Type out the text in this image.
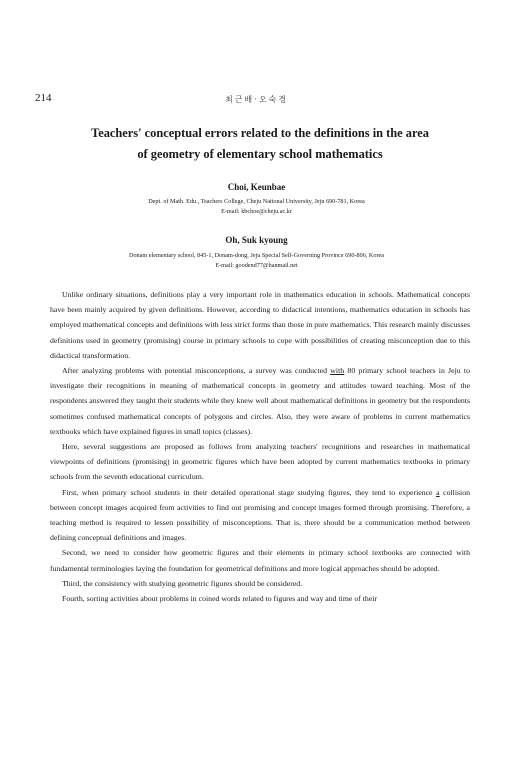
214	최근배·오숙경
Teachers' conceptual errors related to the definitions in the area
of geometry of elementary school mathematics
Choi, Keunbae
Dept. of Math. Edu., Teachers College, Cheju National University, Jeju 690-781, Korea
E-mail: kbchoe@cheju.ac.kr
Oh, Suk kyoung
Donam elementary school, 845-1, Donam-dong, Jeju Special Self-Governing Province 690-806, Korea
E-mail: goodend77@hanmail.net

Unlike ordinary situations, definitions play a very important role in mathematics education in schools. Mathematical concepts have been mainly acquired by given definitions. However, according to didactical intentions, mathematics education in schools has employed mathematical concepts and definitions with less strict forms than those in pure mathematics. This research mainly discusses definitions used in geometry (promising) course in primary schools to cope with possibilities of creating misconception due to this didactical transformation.

After analyzing problems with potential misconceptions, a survey was conducted with 80 primary school teachers in Jeju to investigate their recognitions in meaning of mathematical concepts in geometry and attitudes toward teaching. Most of the respondents answered they taught their students while they knew well about mathematical definitions in geometry but the respondents sometimes confused mathematical concepts of polygons and circles. Also, they were aware of problems in current mathematics textbooks which have explained figures in small topics (classes).

Here, several suggestions are proposed as follows from analyzing teachers' recognitions and researches in mathematical viewpoints of definitions (promising) in geometric figures which have been adopted by current mathematics textbooks in primary schools from the seventh educational curriculum.

First, when primary school students in their detailed operational stage studying figures, they tend to experience a collision between concept images acquired from activities to find out promising and concept images formed through promising. Therefore, a teaching method is required to lessen possibility of misconceptions. That is, there should be a communication method between defining conceptual definitions and images.

Second, we need to consider how geometric figures and their elements in primary school textbooks are connected with fundamental terminologies laying the foundation for geometrical definitions and more logical approaches should be adopted.

Third, the consistency with studying geometric figures should be considered.

Fourth, sorting activities about problems in coined words related to figures and way and time of their
